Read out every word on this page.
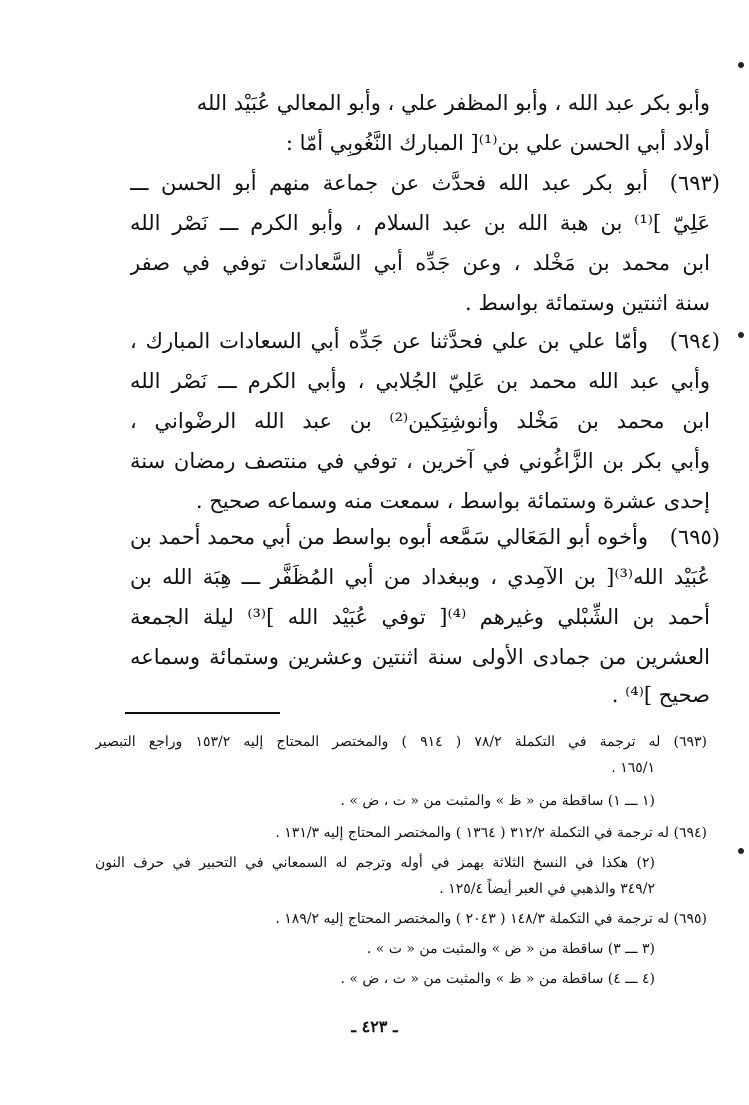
وأبو بكر عبد الله ، وأبو المظفر علي ، وأبو المعالي عُبَيْد الله
أولاد أبي الحسن علي بن⁽¹⁾[ المبارك النَّغُوبِي أمّا :
(٦٩٣)
أبو بكر عبد الله فحدَّث عن جماعة منهم أبو الحسن ـــ
عَلِيّ ]⁽¹⁾ بن هبة الله بن عبد السلام ، وأبو الكرم ـــ نَصْر الله
ابن محمد بن مَخْلد ، وعن جَدِّه أبي السَّعادات توفي في صفر
سنة اثنتين وستمائة بواسط .
(٦٩٤)
وأمّا علي بن علي فحدَّثنا عن جَدِّه أبي السعادات المبارك ،
وأبي عبد الله محمد بن عَلِيّ الجُلابي ، وأبي الكرم ـــ نَصْر الله
ابن محمد بن مَخْلد وأنوشِتِكين⁽²⁾ بن عبد الله الرضْواني ،
وأبي بكر بن الزَّاغُوني في آخرين ، توفي في منتصف رمضان سنة
إحدى عشرة وستمائة بواسط ، سمعت منه وسماعه صحيح .
(٦٩٥)
وأخوه أبو المَعَالي سَمَّعه أبوه بواسط من أبي محمد أحمد بن
عُبَيْد الله⁽³⁾[ بن الآمِدي ، وببغداد من أبي المُظَفَّر ـــ هِبَة الله بن
أحمد بن الشِّبْلي وغيرهم ⁽⁴⁾[ توفي عُبَيْد الله ]⁽³⁾ ليلة الجمعة
العشرين من جمادى الأولى سنة اثنتين وعشرين وستمائة وسماعه
صحيح ]⁽⁴⁾ .
(٦٩٣) له ترجمة في التكملة ٧٨/٢ ( ٩١٤ ) والمختصر المحتاج إليه ١٥٣/٢ وراجع التبصير
١٦٥/١ .
(١ ـــ ١) ساقطة من « ظ » والمثبت من « ت ، ض » .
(٦٩٤) له ترجمة في التكملة ٣١٢/٢ ( ١٣٦٤ ) والمختصر المحتاج إليه ١٣١/٣ .
(٢) هكذا في النسخ الثلاثة بهمز في أوله وترجم له السمعاني في التحبير في حرف النون
٣٤٩/٢ والذهبي في العبر أيضاً ١٢٥/٤ .
(٦٩٥) له ترجمة في التكملة ١٤٨/٣ ( ٢٠٤٣ ) والمختصر المحتاج إليه ١٨٩/٢ .
(٣ ـــ ٣) ساقطة من « ض » والمثبت من « ت » .
(٤ ـــ ٤) ساقطة من « ظ » والمثبت من « ت ، ض » .
ـ ٤٢٣ ـ
